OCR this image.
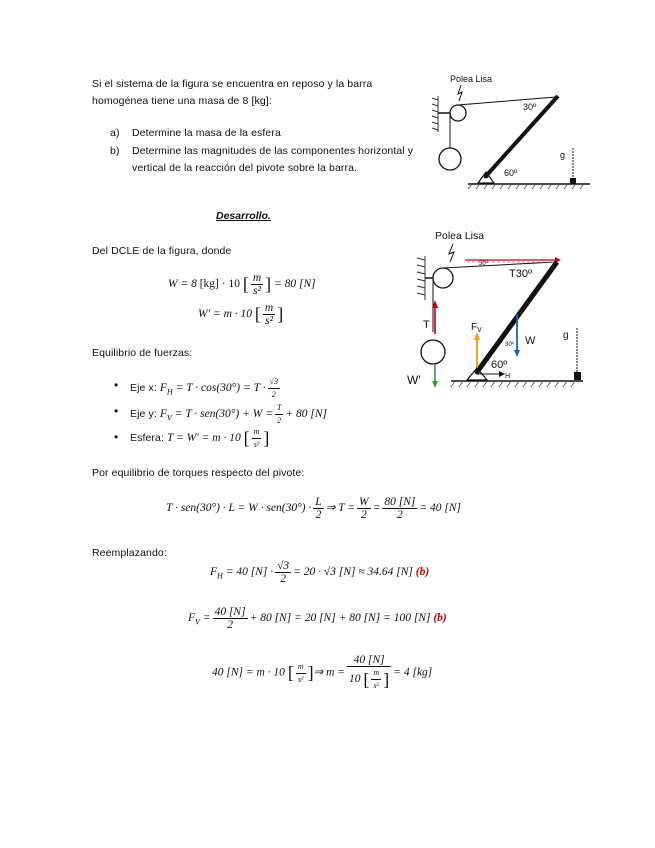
Si el sistema de la figura se encuentra en reposo y la barra
homogénea tiene una masa de 8 [kg]:
a) Determine la masa de la esfera
b) Determine las magnitudes de las componentes horizontal y
vertical de la reacción del pivote sobre la barra.
Polea Lisa
30º
60º
g
Desarrollo.
Del DCLE de la figura, donde
W = 8 [kg] · 10 [ $\frac{m}{\text{s²}}$ ] = 80 [N]
W′ = m · 10 [ $\frac{m}{\text{s²}}$ ]
Equilibrio de fuerzas:
• Eje x: $F_H = T \cdot \cos(30^\circ) = T \cdot \frac{√3}{2}$
• Eje y: $F_V = T \cdot sen(30^\circ) + W = \frac{T}{2} + 80$ [N]
• Esfera: T = W′ = m · 10 [ $\frac{m}{\text{s²}}$ ]
Por equilibrio de torques respecto del pivote:
$T \cdot sen(30^\circ) \cdot L = W \cdot sen(30^\circ) \cdot \frac{L}{2}$ ⇒ $T = \frac{W}{2} = \frac{80 [N]}{2} = 40$ [N]
Reemplazando:
$F_H = 40$ $[N] \cdot \frac{√3}{2} = 20 \cdot √3$ [N] ≈ 34.64 [N] (b)
$F_V = \frac{40 [N]}{2} + 80$ [N] = 20 [N] + 80 [N] = 100 [N] (b)
40 [N] = m · 10 [ $\frac{m}{\text{s²}}$ ]⇒ $m = \frac{40 [N]}{10 [ \frac{m}{\text{s²}} ]} = 4$ [kg]
Polea Lisa
30º
T30º
T
W′
$F_V$
W
30º
60º
H
g
